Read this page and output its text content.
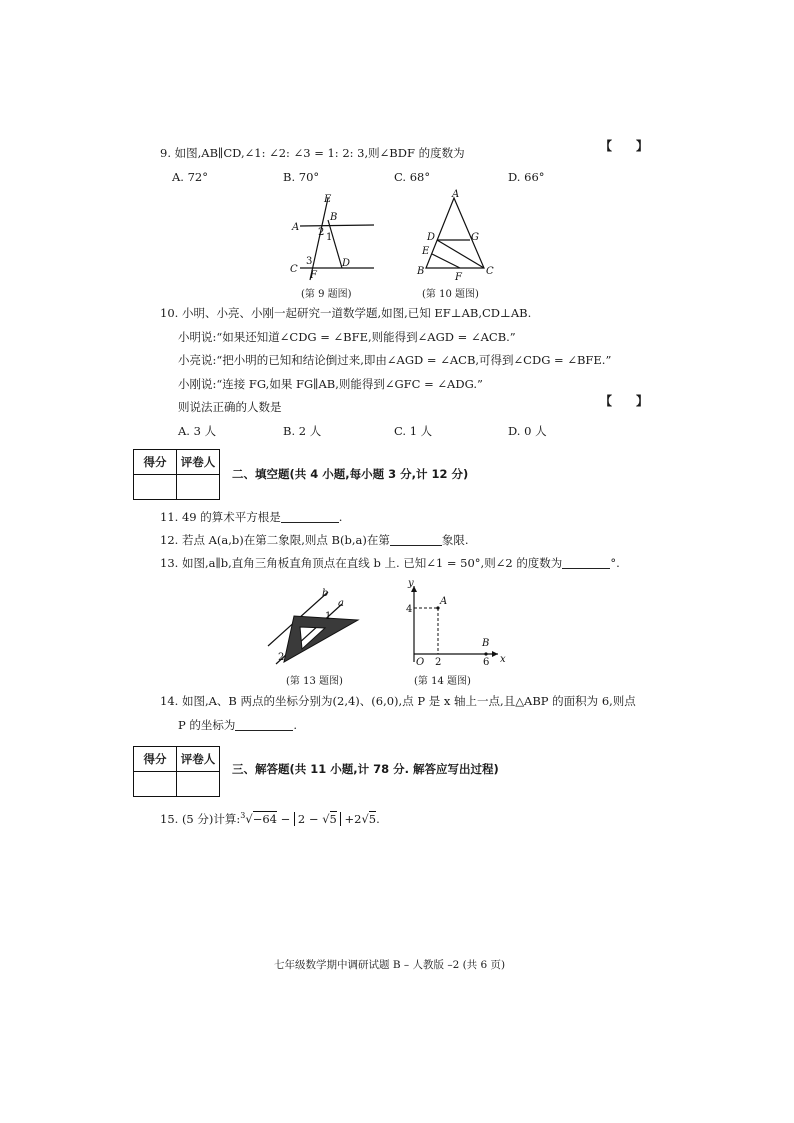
9. 如图,AB∥CD,∠1: ∠2: ∠3 = 1: 2: 3,则∠BDF 的度数为	【　　】
A. 72°	B. 70°	C. 68°	D. 66°
A
E
B
2 1
C
3
F
D
(第 9 题图)
A
D	G
E
B
F
C
(第 10 题图)
10. 小明、小亮、小刚一起研究一道数学题,如图,已知 EF⊥AB,CD⊥AB.
小明说:“如果还知道∠CDG = ∠BFE,则能得到∠AGD = ∠ACB.”
小亮说:“把小明的已知和结论倒过来,即由∠AGD = ∠ACB,可得到∠CDG = ∠BFE.”
小刚说:“连接 FG,如果 FG∥AB,则能得到∠GFC = ∠ADG.”
则说法正确的人数是	【　　】
A. 3 人	B. 2 人	C. 1 人	D. 0 人
得分	评卷人

二、填空题(共 4 小题,每小题 3 分,计 12 分)
11. 49 的算术平方根是	.
12. 若点 A(a,b)在第二象限,则点 B(b,a)在第	象限.
13. 如图,a∥b,直角三角板直角顶点在直线 b 上. 已知∠1 = 50°,则∠2 的度数为	°.
b
a
1
2
(第 13 题图)
y
x
O
A
B
4
2	6
(第 14 题图)
14. 如图,A、B 两点的坐标分别为(2,4)、(6,0),点 P 是 x 轴上一点,且△ABP 的面积为 6,则点
P 的坐标为	.
得分	评卷人

三、解答题(共 11 小题,计 78 分. 解答应写出过程)
15. (5 分)计算:$^3$√−64 − 2 − √5 +2√5.
七年级数学期中调研试题 B – 人教版 –2 (共 6 页)
